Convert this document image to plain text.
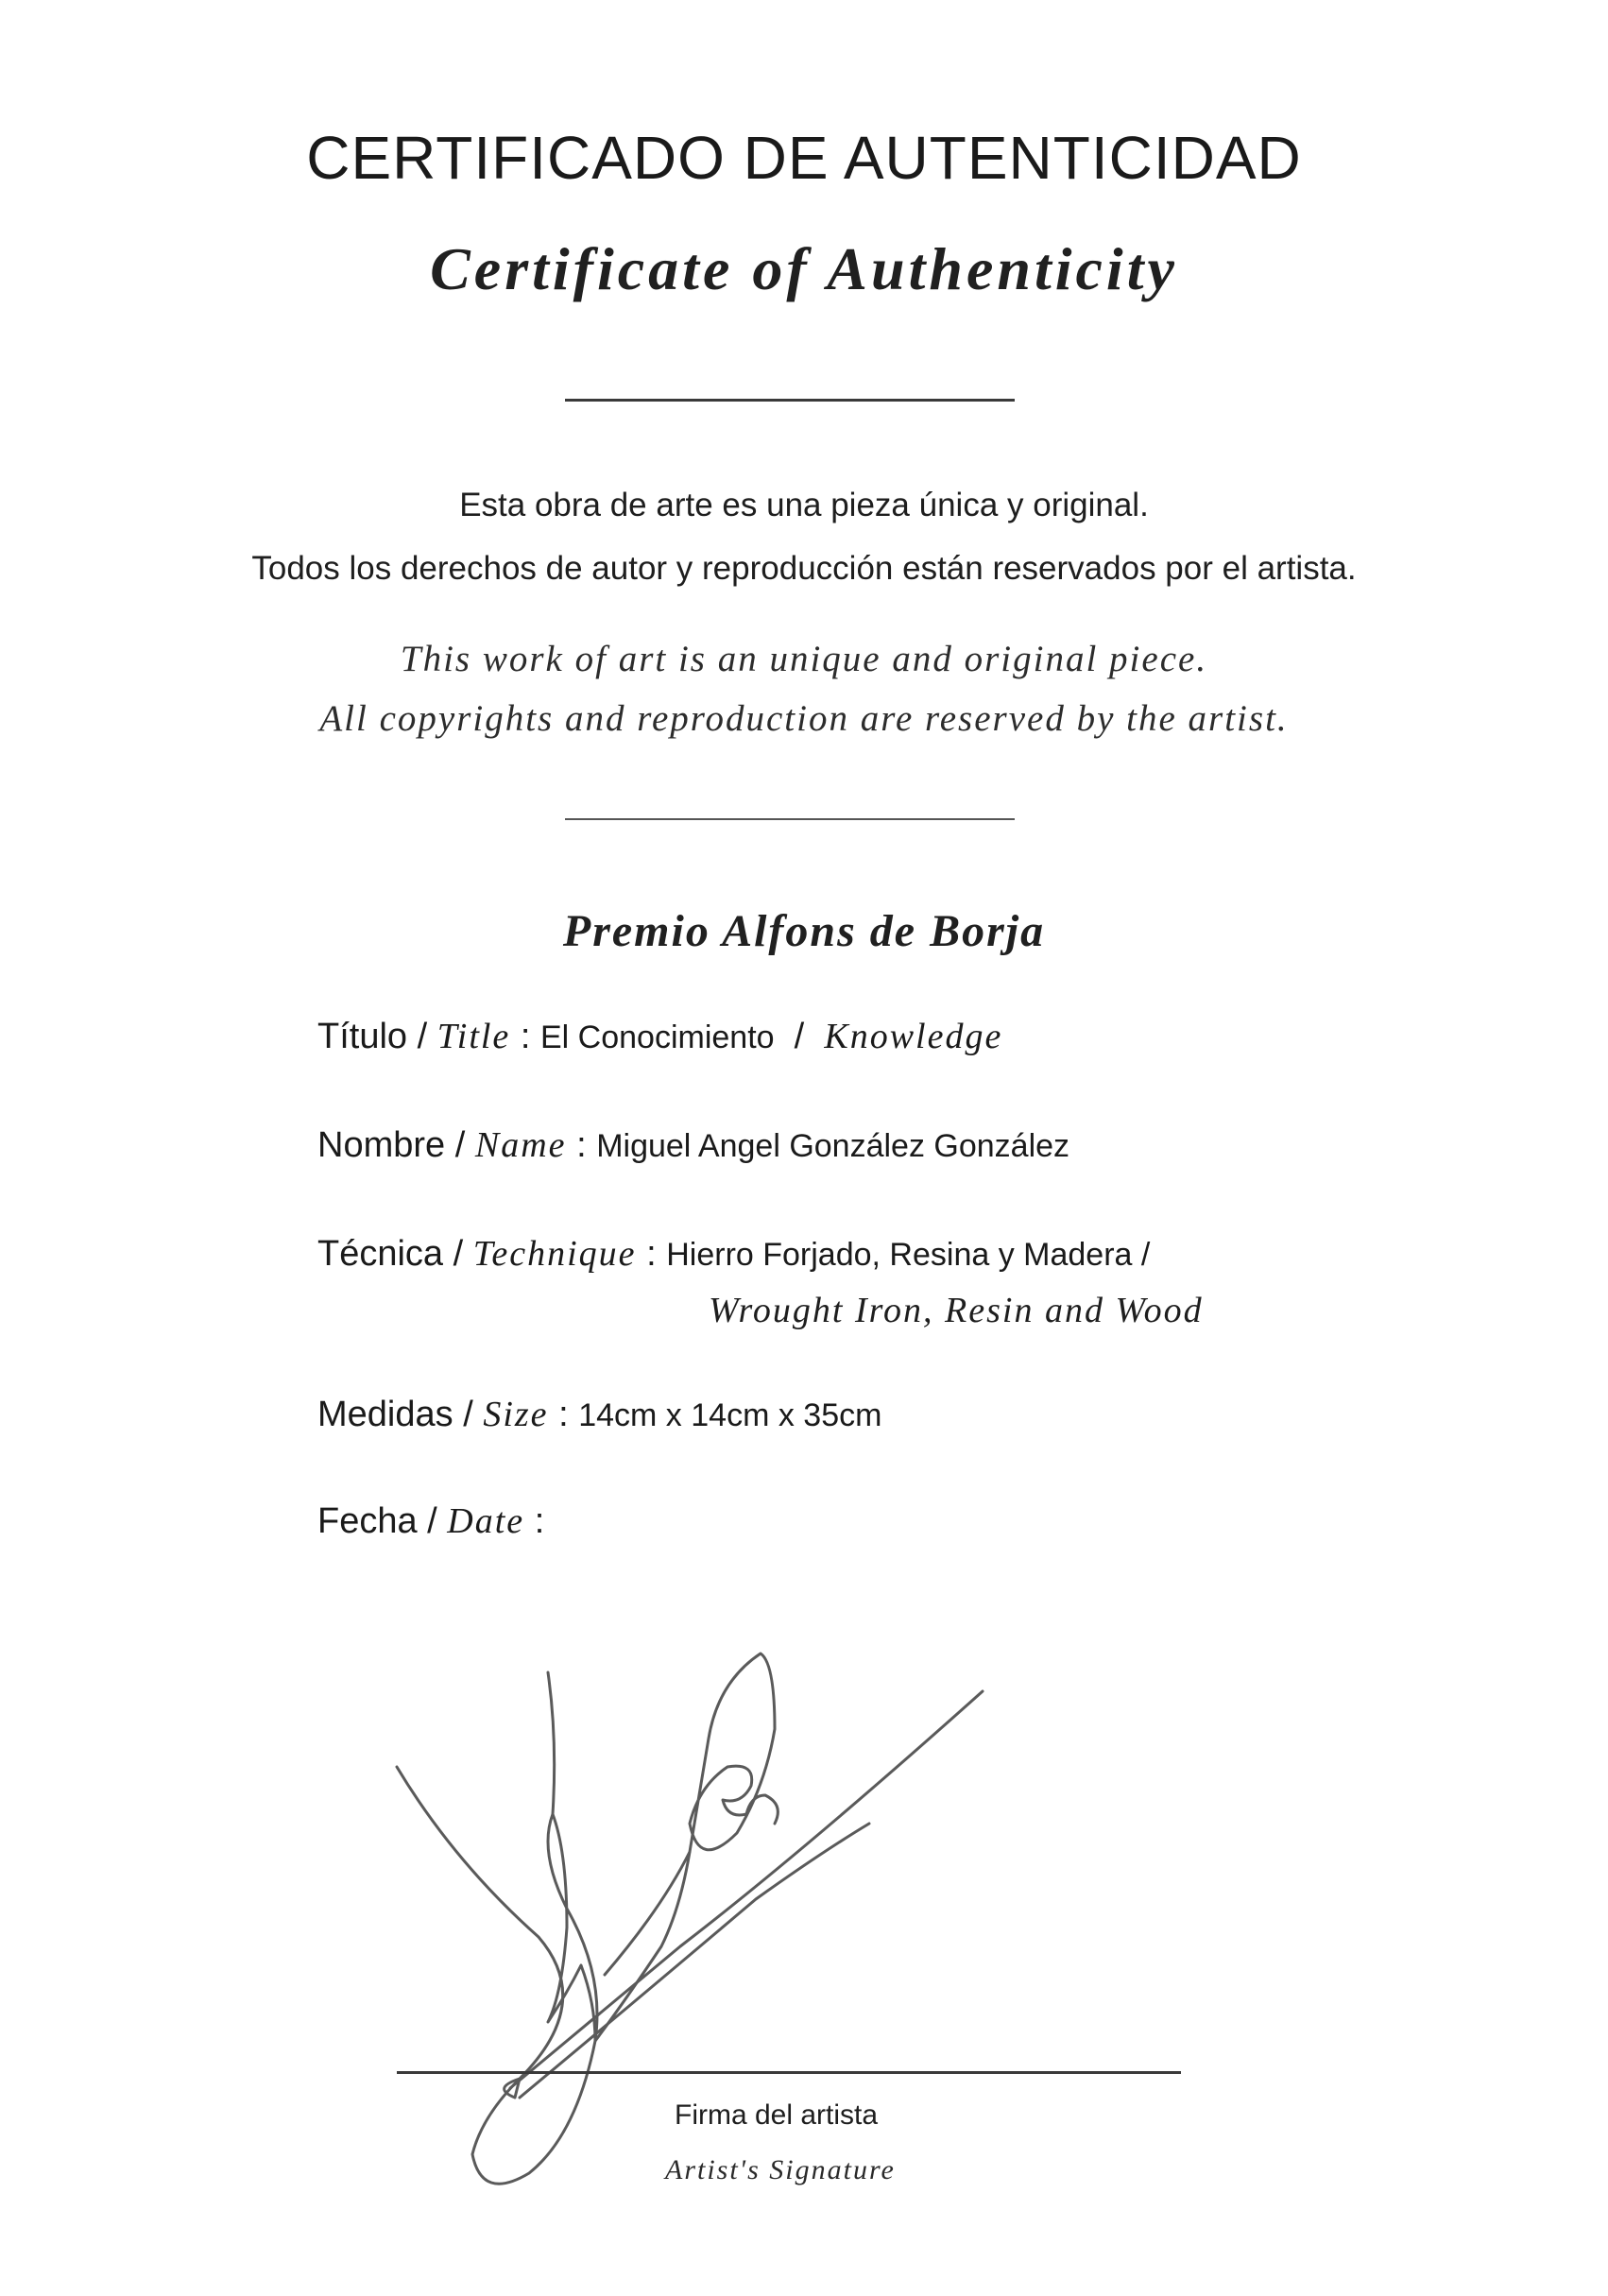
CERTIFICADO DE AUTENTICIDAD
Certificate of Authenticity
Esta obra de arte es una pieza única y original.
Todos los derechos de autor y reproducción están reservados por el artista.
This work of art is an unique and original piece.
All copyrights and reproduction are reserved by the artist.
Premio Alfons de Borja
Título / Title : El Conocimiento / Knowledge
Nombre / Name : Miguel Angel González González
Técnica / Technique : Hierro Forjado, Resina y Madera /
Wrought Iron, Resin and Wood
Medidas / Size : 14cm x 14cm x 35cm
Fecha / Date :
Firma del artista
Artist's Signature
